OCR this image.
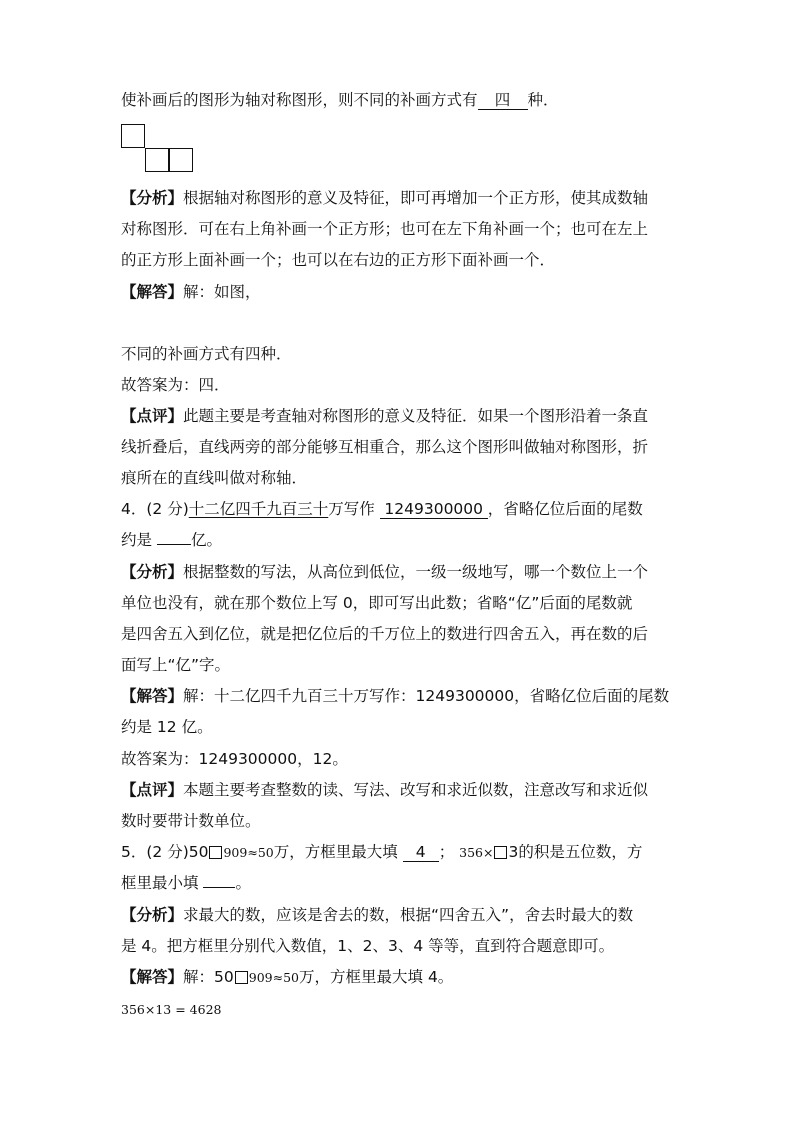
使补画后的图形为轴对称图形，则不同的补画方式有 四 种．
【分析】根据轴对称图形的意义及特征，即可再增加一个正方形，使其成数轴
对称图形．可在右上角补画一个正方形；也可在左下角补画一个；也可在左上
的正方形上面补画一个；也可以在右边的正方形下面补画一个．
【解答】解：如图，
不同的补画方式有四种．
故答案为：四．
【点评】此题主要是考查轴对称图形的意义及特征．如果一个图形沿着一条直
线折叠后，直线两旁的部分能够互相重合，那么这个图形叫做轴对称图形，折
痕所在的直线叫做对称轴．
4．(2 分)十二亿四千九百三十万写作 1249300000 ，省略亿位后面的尾数
约是	亿。
【分析】根据整数的写法，从高位到低位，一级一级地写，哪一个数位上一个
单位也没有，就在那个数位上写 0，即可写出此数；省略“亿”后面的尾数就
是四舍五入到亿位，就是把亿位后的千万位上的数进行四舍五入，再在数的后
面写上“亿”字。
【解答】解：十二亿四千九百三十万写作：1249300000，省略亿位后面的尾数
约是 12 亿。
故答案为：1249300000，12。
【点评】本题主要考查整数的读、写法、改写和求近似数，注意改写和求近似
数时要带计数单位。
5．(2 分)50 909≈50万，方框里最大填 4 ； 356× 3的积是五位数，方
框里最小填 。
【分析】求最大的数，应该是舍去的数，根据“四舍五入”，舍去时最大的数
是 4。把方框里分别代入数值，1、2、3、4 等等，直到符合题意即可。
【解答】解：50 909≈50万，方框里最大填 4。
356×13 = 4628
